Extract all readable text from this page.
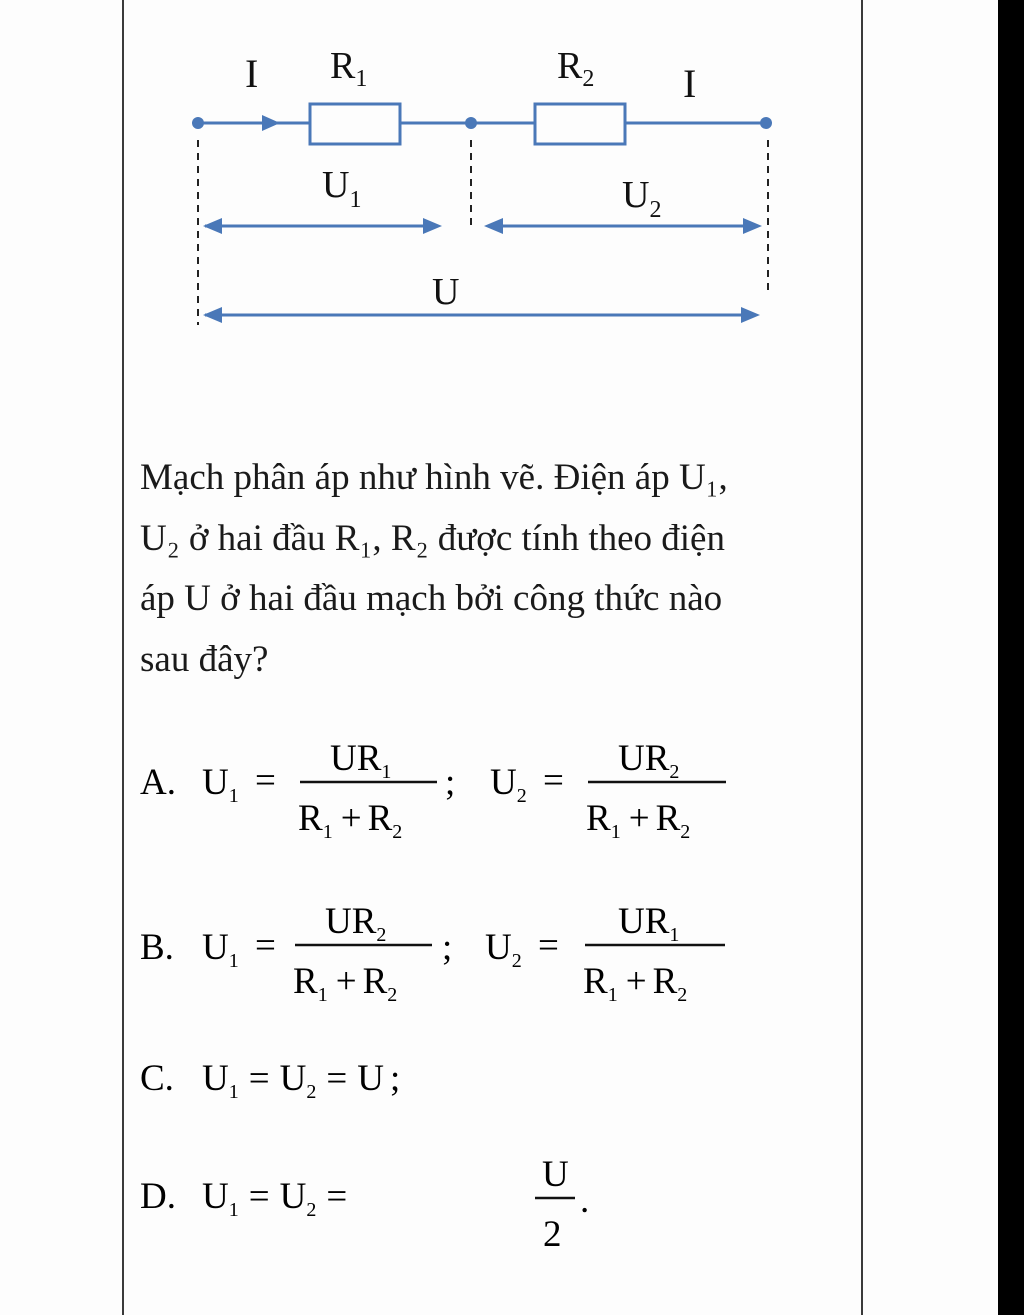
I $R_1$	$R_2$ I
$U_1$	$U_2$
U

Mạch phân áp như hình vẽ. Điện áp U₁,

U₂ ở hai đầu R₁, R₂ được tính theo điện

áp U ở hai đầu mạch bởi công thức nào

sau đây?

A. $U_1$ =
$UR_1$
$R_1 + R_2$
; $U_2$ =
$UR_2$
$R_1 + R_2$
B. $U_1$ =
$UR_2$
$R_1 + R_2$
; $U_2$ =
$UR_1$
$R_1 + R_2$
C. $U_1 = U_2 = U$ ;
D. $U_1 = U_2$ =
U
2
.
